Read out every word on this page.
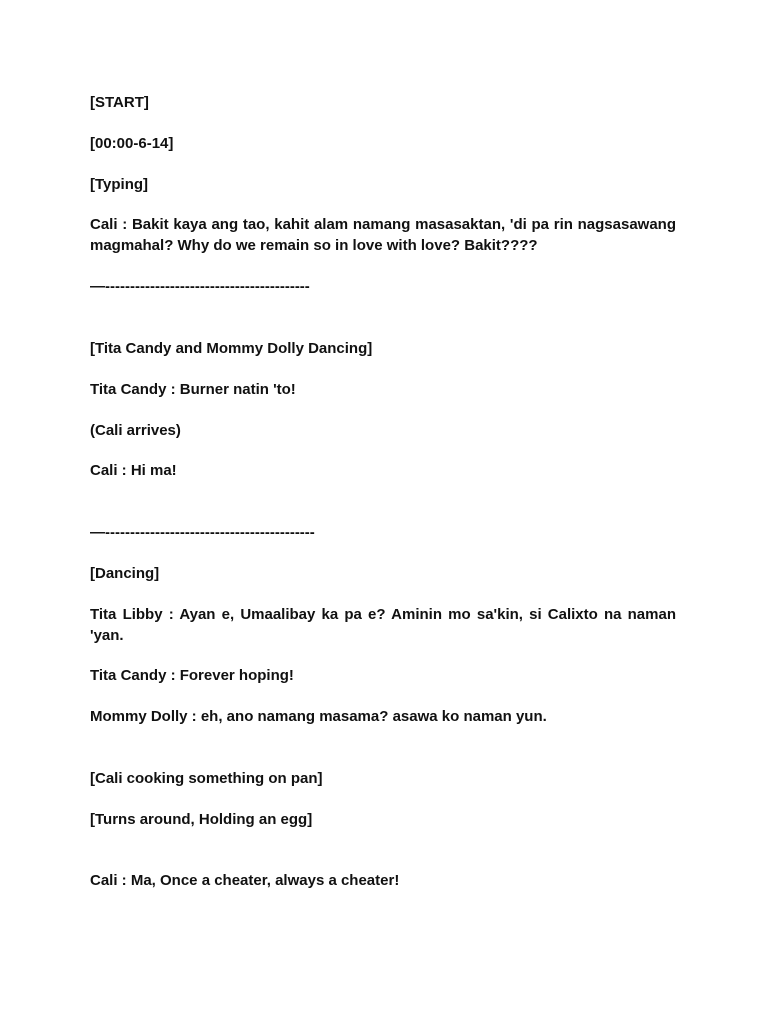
[START]

[00:00-6-14]

[Typing]

Cali : Bakit kaya ang tao, kahit alam namang masasaktan, 'di pa rin nagsasawang magmahal? Why do we remain so in love with love? Bakit????

—-----------------------------------------

[Tita Candy and Mommy Dolly Dancing]

Tita Candy : Burner natin 'to!

(Cali arrives)

Cali : Hi ma!

—------------------------------------------

[Dancing]

Tita Libby : Ayan e, Umaalibay ka pa e? Aminin mo sa'kin, si Calixto na naman 'yan.

Tita Candy : Forever hoping!

Mommy Dolly : eh, ano namang masama? asawa ko naman yun.

[Cali cooking something on pan]

[Turns around, Holding an egg]

Cali : Ma, Once a cheater, always a cheater!
